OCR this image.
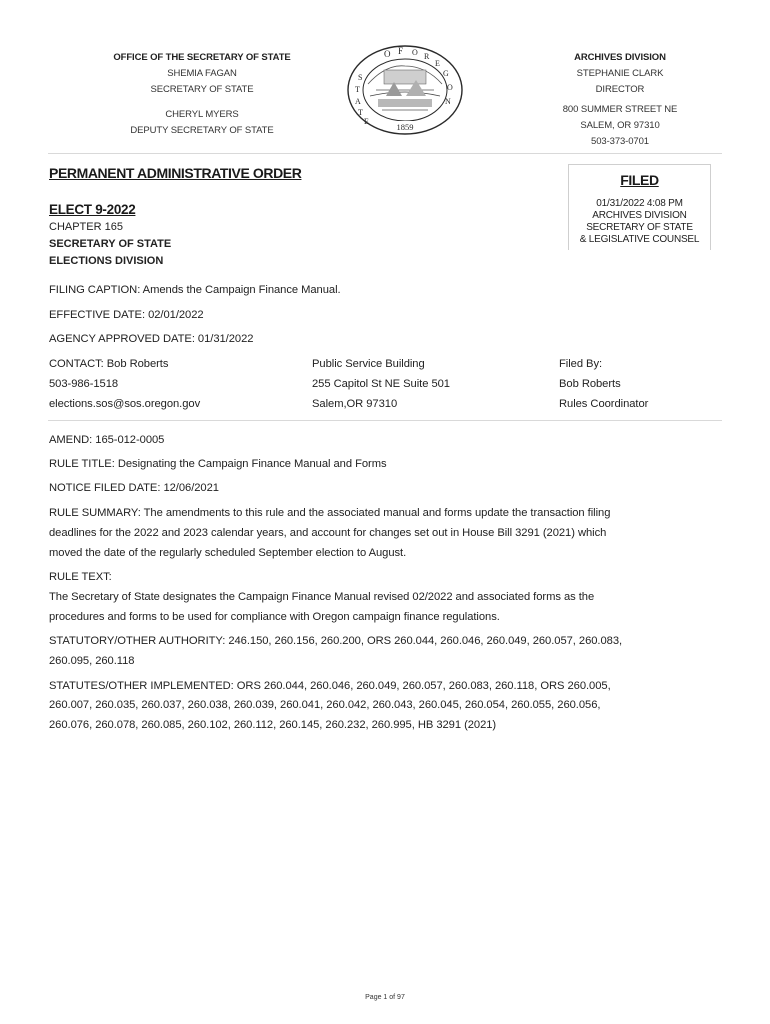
OFFICE OF THE SECRETARY OF STATE
SHEMIA FAGAN
SECRETARY OF STATE
CHERYL MYERS
DEPUTY SECRETARY OF STATE
O F
S
T
A
T
E
O R
E
G
O
N
1859
ARCHIVES DIVISION
STEPHANIE CLARK
DIRECTOR
800 SUMMER STREET NE
SALEM, OR 97310
503-373-0701
PERMANENT ADMINISTRATIVE ORDER
ELECT 9-2022
CHAPTER 165
SECRETARY OF STATE
ELECTIONS DIVISION
FILED
01/31/2022 4:08 PM
ARCHIVES DIVISION
SECRETARY OF STATE
& LEGISLATIVE COUNSEL
FILING CAPTION: Amends the Campaign Finance Manual.
EFFECTIVE DATE: 02/01/2022
AGENCY APPROVED DATE: 01/31/2022
CONTACT: Bob Roberts
503-986-1518
elections.sos@sos.oregon.gov
Public Service Building
255 Capitol St NE Suite 501
Salem,OR 97310
Filed By:
Bob Roberts
Rules Coordinator
AMEND: 165-012-0005
RULE TITLE: Designating the Campaign Finance Manual and Forms
NOTICE FILED DATE: 12/06/2021
RULE SUMMARY: The amendments to this rule and the associated manual and forms update the transaction filing
deadlines for the 2022 and 2023 calendar years, and account for changes set out in House Bill 3291 (2021) which
moved the date of the regularly scheduled September election to August.
RULE TEXT:
The Secretary of State designates the Campaign Finance Manual revised 02/2022 and associated forms as the
procedures and forms to be used for compliance with Oregon campaign finance regulations.
STATUTORY/OTHER AUTHORITY: 246.150, 260.156, 260.200, ORS 260.044, 260.046, 260.049, 260.057, 260.083,
260.095, 260.118
STATUTES/OTHER IMPLEMENTED: ORS 260.044, 260.046, 260.049, 260.057, 260.083, 260.118, ORS 260.005,
260.007, 260.035, 260.037, 260.038, 260.039, 260.041, 260.042, 260.043, 260.045, 260.054, 260.055, 260.056,
260.076, 260.078, 260.085, 260.102, 260.112, 260.145, 260.232, 260.995, HB 3291 (2021)
Page 1 of 97
